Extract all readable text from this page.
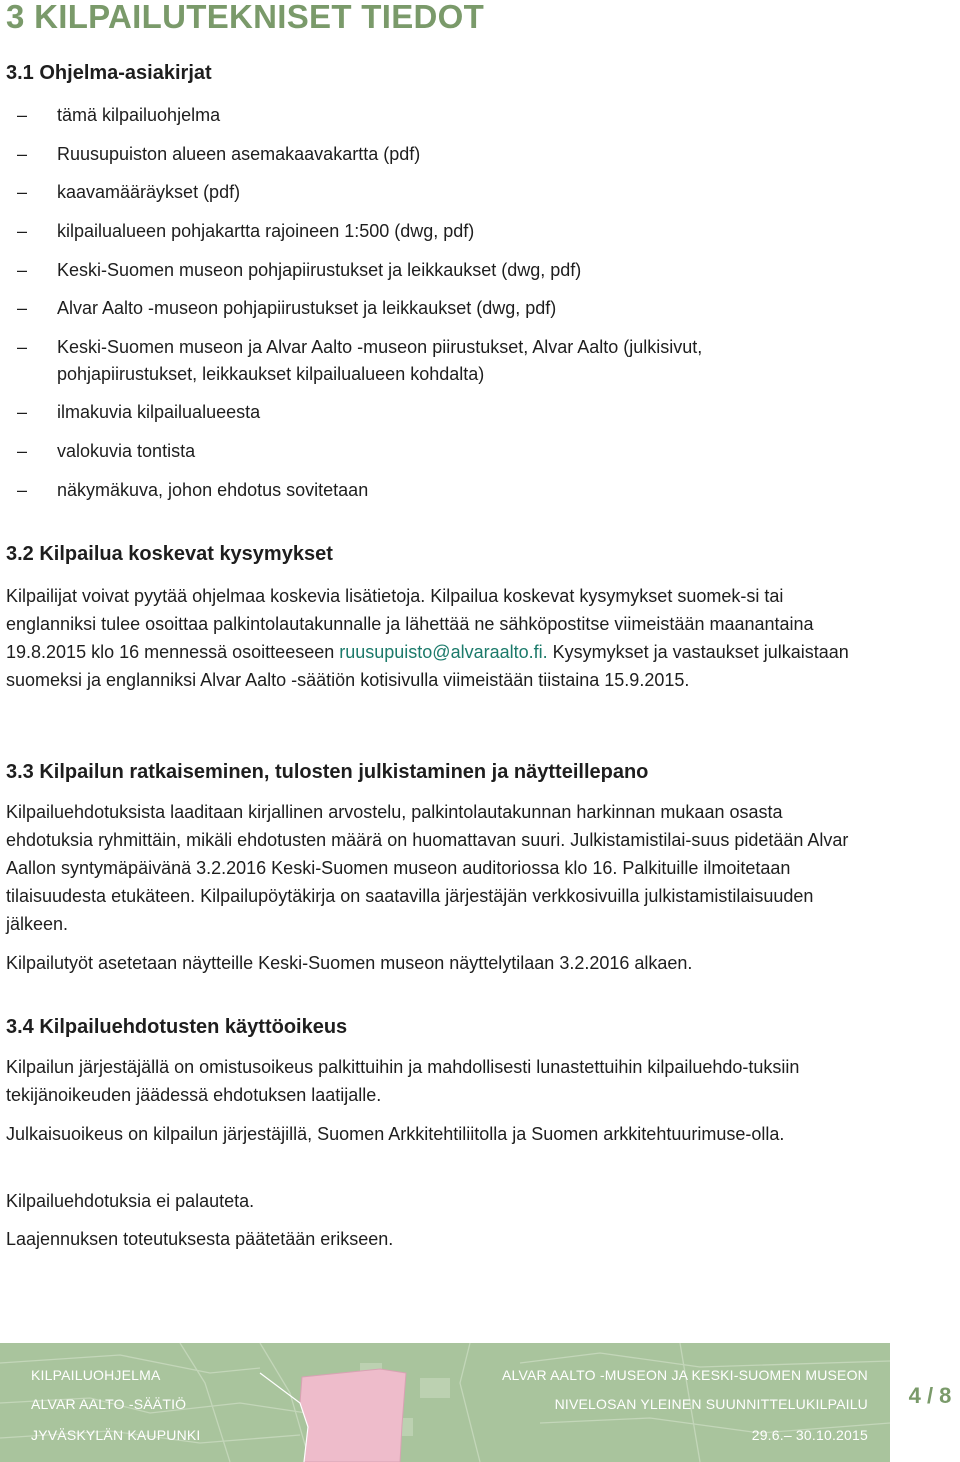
3 KILPAILUTEKNISET TIEDOT
3.1 Ohjelma-asiakirjat
–	tämä kilpailuohjelma
–	Ruusupuiston alueen asemakaavakartta (pdf)
–	kaavamääräykset (pdf)
–	kilpailualueen pohjakartta rajoineen 1:500 (dwg, pdf)
–	Keski-Suomen museon pohjapiirustukset ja leikkaukset (dwg, pdf)
–	Alvar Aalto -museon pohjapiirustukset ja leikkaukset (dwg, pdf)
–	Keski-Suomen museon ja Alvar Aalto -museon piirustukset, Alvar Aalto (julkisivut, pohjapiirustukset, leikkaukset kilpailualueen kohdalta)
–	ilmakuvia kilpailualueesta
–	valokuvia tontista
–	näkymäkuva, johon ehdotus sovitetaan
3.2 Kilpailua koskevat kysymykset

Kilpailijat voivat pyytää ohjelmaa koskevia lisätietoja. Kilpailua koskevat kysymykset suomek-si tai englanniksi tulee osoittaa palkintolautakunnalle ja lähettää ne sähköpostitse viimeistään maanantaina 19.8.2015 klo 16 mennessä osoitteeseen ruusupuisto@alvaraalto.fi. Kysymykset ja vastaukset julkaistaan suomeksi ja englanniksi Alvar Aalto -säätiön kotisivulla viimeistään tiistaina 15.9.2015.

3.3 Kilpailun ratkaiseminen, tulosten julkistaminen ja näytteillepano

Kilpailuehdotuksista laaditaan kirjallinen arvostelu, palkintolautakunnan harkinnan mukaan osasta ehdotuksia ryhmittäin, mikäli ehdotusten määrä on huomattavan suuri. Julkistamistilai-suus pidetään Alvar Aallon syntymäpäivänä 3.2.2016 Keski-Suomen museon auditoriossa klo 16. Palkituille ilmoitetaan tilaisuudesta etukäteen. Kilpailupöytäkirja on saatavilla järjestäjän verkkosivuilla julkistamistilaisuuden jälkeen.

Kilpailutyöt asetetaan näytteille Keski-Suomen museon näyttelytilaan 3.2.2016 alkaen.

3.4 Kilpailuehdotusten käyttöoikeus

Kilpailun järjestäjällä on omistusoikeus palkittuihin ja mahdollisesti lunastettuihin kilpailuehdo-tuksiin tekijänoikeuden jäädessä ehdotuksen laatijalle.

Julkaisuoikeus on kilpailun järjestäjillä, Suomen Arkkitehtiliitolla ja Suomen arkkitehtuurimuse-olla.

Kilpailuehdotuksia ei palauteta.

Laajennuksen toteutuksesta päätetään erikseen.

KILPAILUOHJELMA
ALVAR AALTO -SÄÄTIÖ
JYVÄSKYLÄN KAUPUNKI
ALVAR AALTO -MUSEON JA KESKI-SUOMEN MUSEON
NIVELOSAN YLEINEN SUUNNITTELUKILPAILU
29.6.– 30.10.2015
4 / 8
